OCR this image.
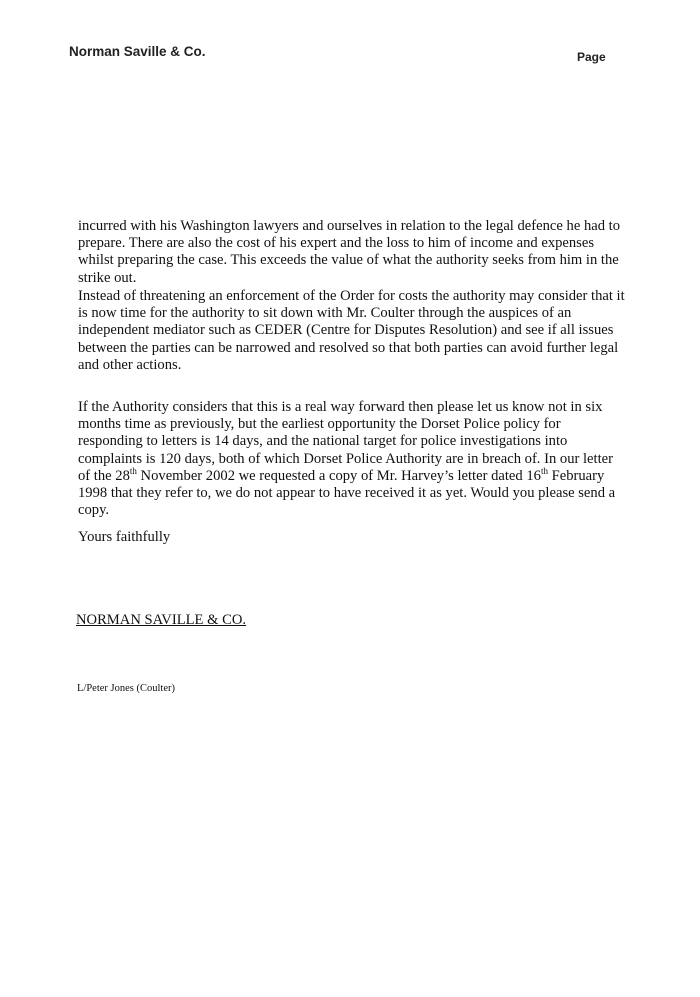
Norman Saville & Co.	Page
incurred with his Washington lawyers and ourselves in relation to the legal defence he had to
prepare. There are also the cost of his expert and the loss to him of income and expenses
whilst preparing the case. This exceeds the value of what the authority seeks from him in the
strike out.
Instead of threatening an enforcement of the Order for costs the authority may consider that it
is now time for the authority to sit down with Mr. Coulter through the auspices of an
independent mediator such as CEDER (Centre for Disputes Resolution) and see if all issues
between the parties can be narrowed and resolved so that both parties can avoid further legal
and other actions.
If the Authority considers that this is a real way forward then please let us know not in six
months time as previously, but the earliest opportunity the Dorset Police policy for
responding to letters is 14 days, and the national target for police investigations into
complaints is 120 days, both of which Dorset Police Authority are in breach of. In our letter
of the 28th November 2002 we requested a copy of Mr. Harvey’s letter dated 16th February
1998 that they refer to, we do not appear to have received it as yet. Would you please send a
copy.
Yours faithfully
NORMAN SAVILLE & CO.
L/Peter Jones (Coulter)
